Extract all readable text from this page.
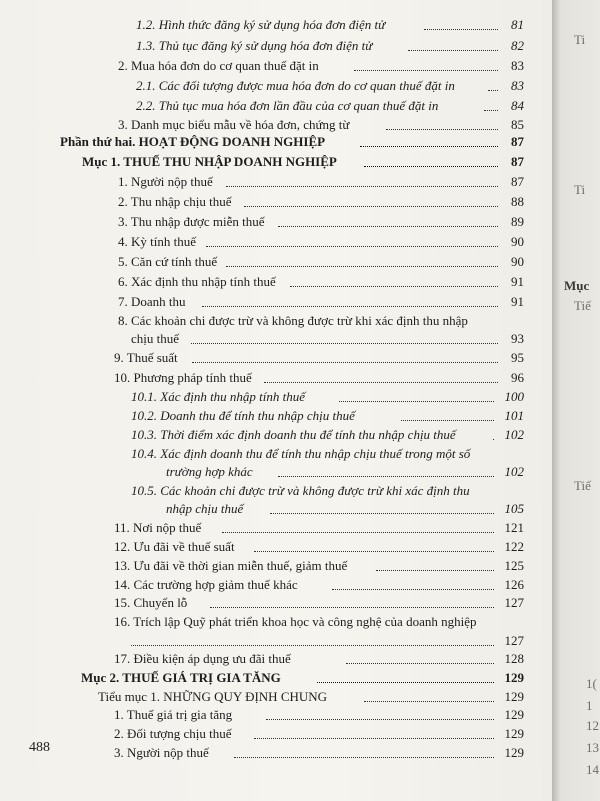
1.2. Hình thức đăng ký sử dụng hóa đơn điện tử	81
1.3. Thủ tục đăng ký sử dụng hóa đơn điện tử	82
2. Mua hóa đơn do cơ quan thuế đặt in	83
2.1. Các đối tượng được mua hóa đơn do cơ quan thuế đặt in	83
2.2. Thủ tục mua hóa đơn lần đầu của cơ quan thuế đặt in	84
3. Danh mục biểu mẫu về hóa đơn, chứng từ	85
Phần thứ hai. HOẠT ĐỘNG DOANH NGHIỆP	87
Mục 1. THUẾ THU NHẬP DOANH NGHIỆP	87
1. Người nộp thuế	87
2. Thu nhập chịu thuế	88
3. Thu nhập được miễn thuế	89
4. Kỳ tính thuế	90
5. Căn cứ tính thuế	90
6. Xác định thu nhập tính thuế	91
7. Doanh thu	91
8. Các khoản chi được trừ và không được trừ khi xác định thu nhập
chịu thuế	93
9. Thuế suất	95
10. Phương pháp tính thuế	96
10.1. Xác định thu nhập tính thuế	100
10.2. Doanh thu để tính thu nhập chịu thuế	101
10.3. Thời điểm xác định doanh thu để tính thu nhập chịu thuế	102
10.4. Xác định doanh thu để tính thu nhập chịu thuế trong một số
trường hợp khác	102
10.5. Các khoản chi được trừ và không được trừ khi xác định thu
nhập chịu thuế	105
11. Nơi nộp thuế	121
12. Ưu đãi về thuế suất	122
13. Ưu đãi về thời gian miễn thuế, giảm thuế	125
14. Các trường hợp giảm thuế khác	126
15. Chuyển lỗ	127
16. Trích lập Quỹ phát triển khoa học và công nghệ của doanh nghiệp
127
17. Điều kiện áp dụng ưu đãi thuế	128
Mục 2. THUẾ GIÁ TRỊ GIA TĂNG	129
Tiểu mục 1. NHỮNG QUY ĐỊNH CHUNG	129
1. Thuế giá trị gia tăng	129
2. Đối tượng chịu thuế	129
3. Người nộp thuế	129
488
Ti
Ti
Mục
Tiế
Tiế
1(
1
12
13
14
